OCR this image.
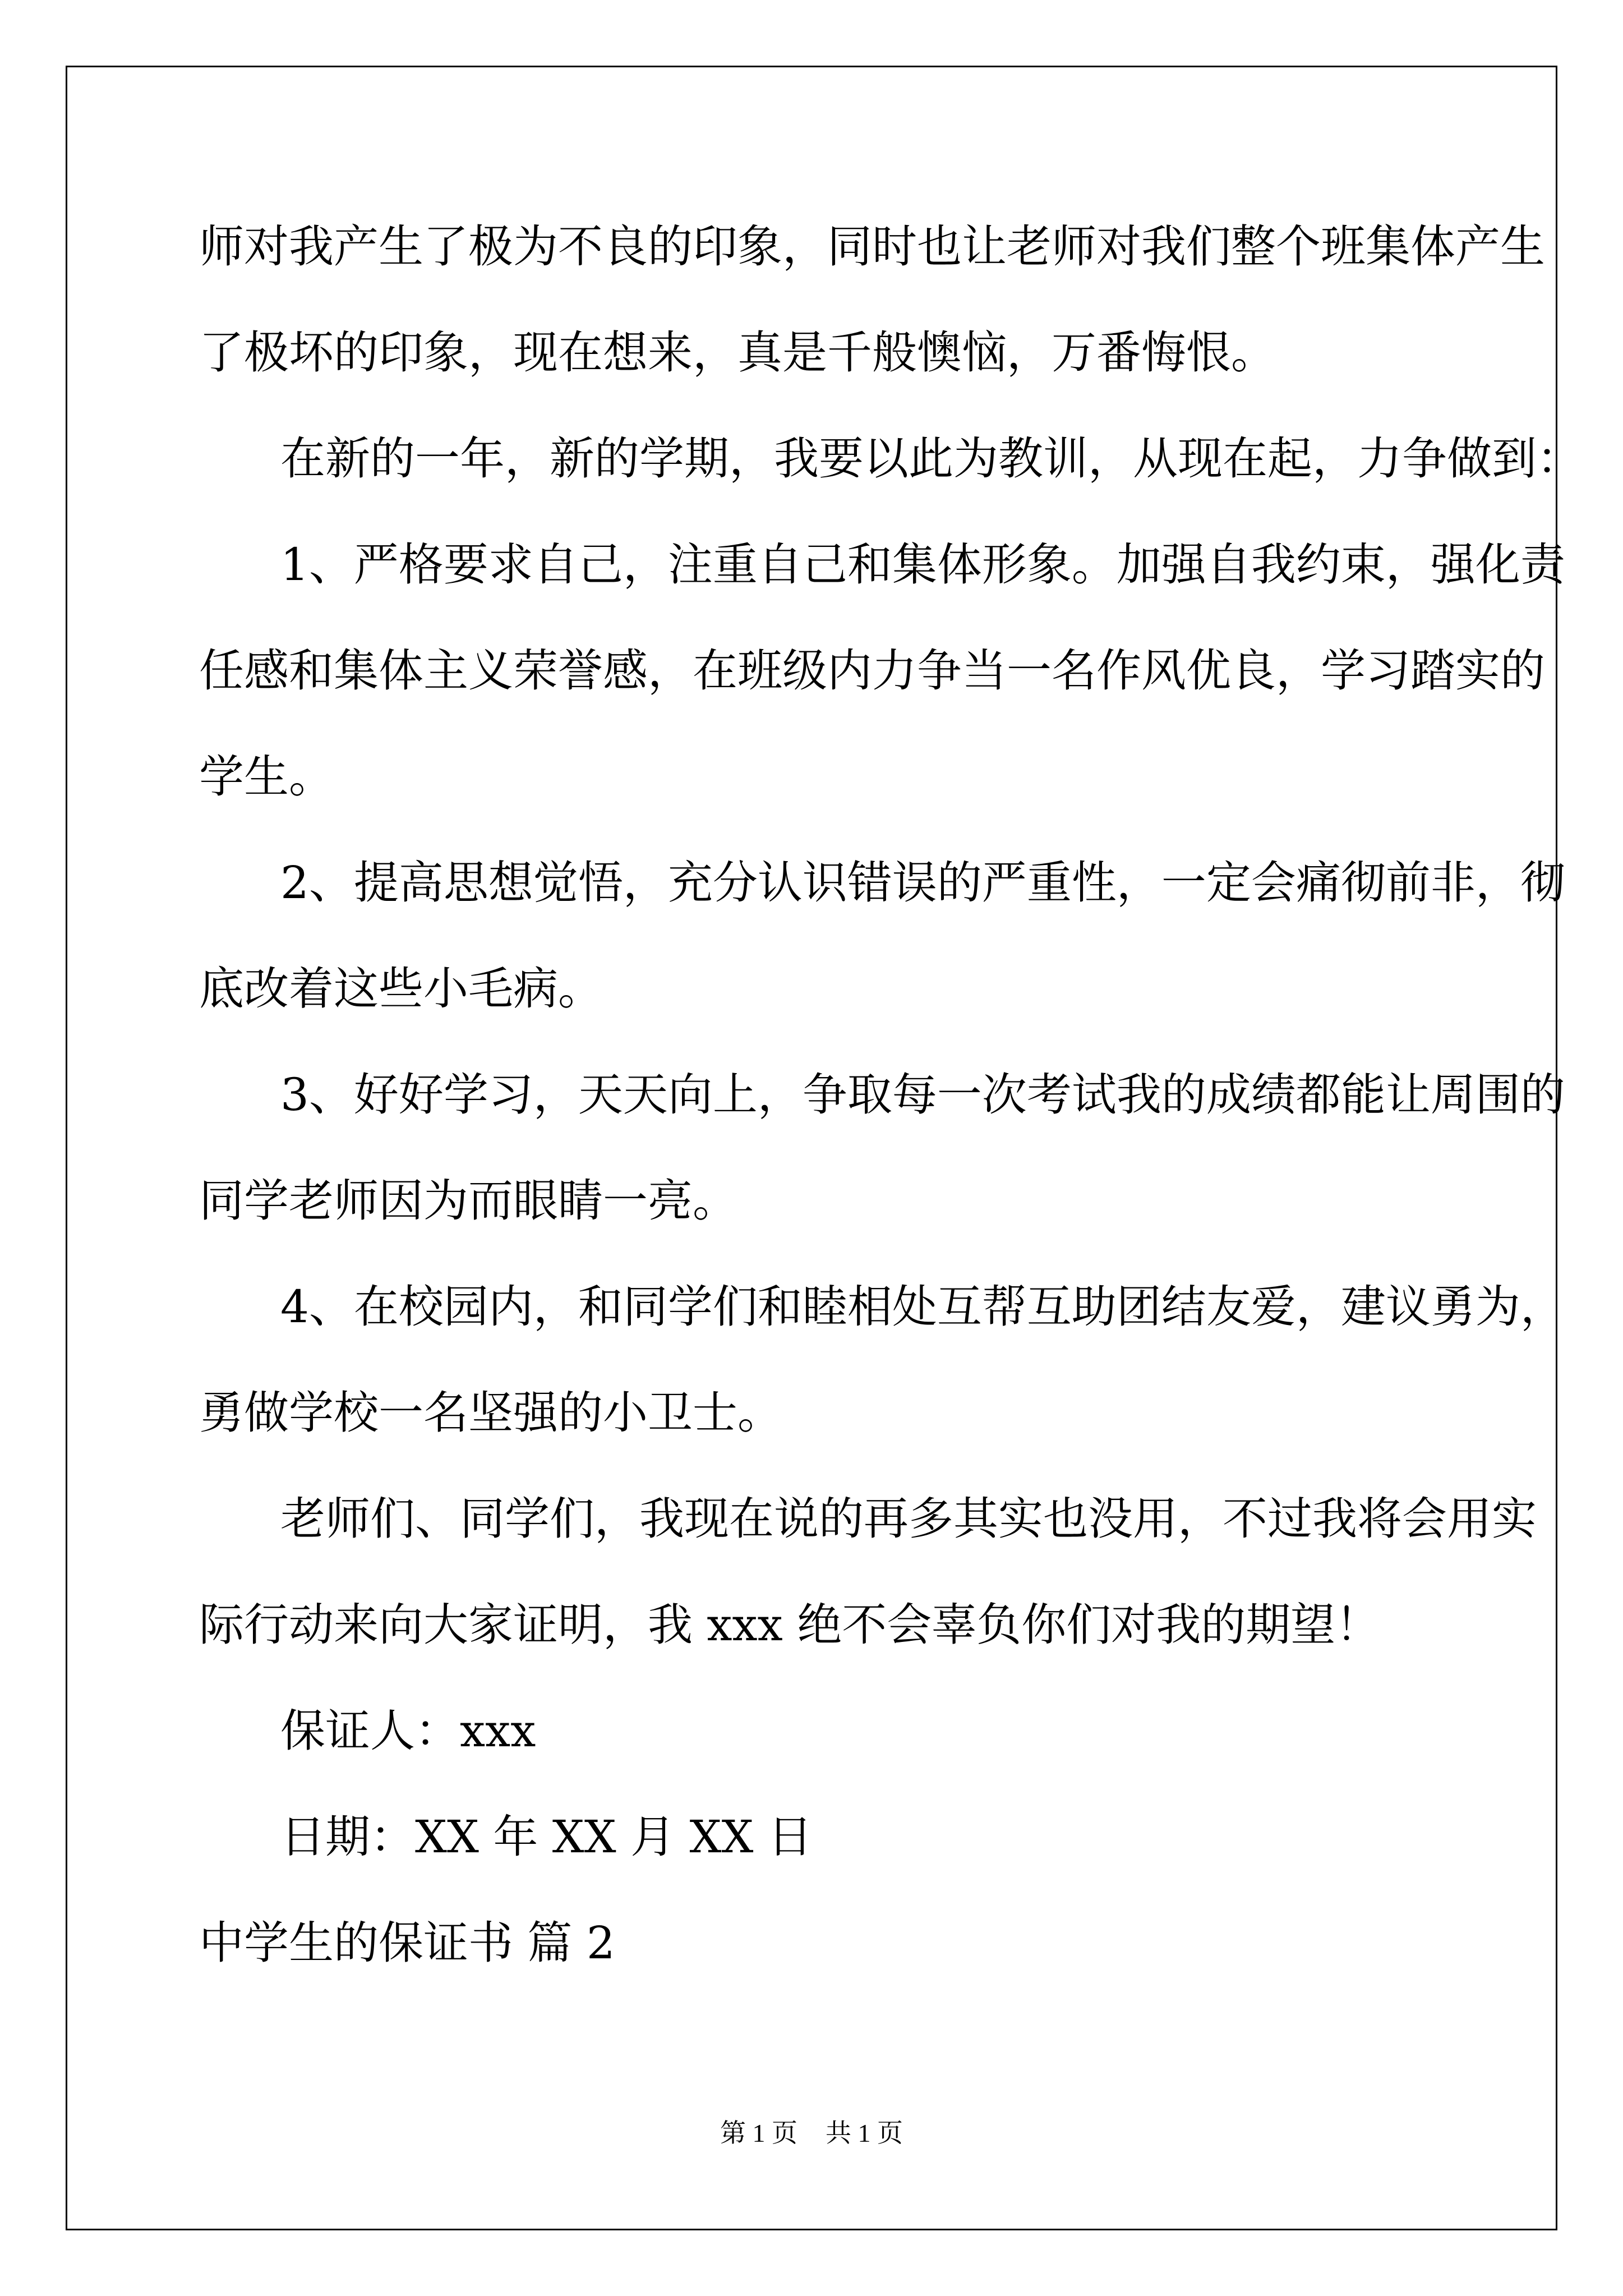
师对我产生了极为不良的印象，同时也让老师对我们整个班集体产生
了极坏的印象，现在想来，真是千般懊恼，万番悔恨。
在新的一年，新的学期，我要以此为教训，从现在起，力争做到：
1、严格要求自己，注重自己和集体形象。加强自我约束，强化责
任感和集体主义荣誉感，在班级内力争当一名作风优良，学习踏实的
学生。
2、提高思想觉悟，充分认识错误的严重性，一定会痛彻前非，彻
底改着这些小毛病。
3、好好学习，天天向上，争取每一次考试我的成绩都能让周围的
同学老师因为而眼睛一亮。
4、在校园内，和同学们和睦相处互帮互助团结友爱，建议勇为，
勇做学校一名坚强的小卫士。
老师们、同学们，我现在说的再多其实也没用，不过我将会用实
际行动来向大家证明，我 xxx 绝不会辜负你们对我的期望！
保证人：xxx
日期：XX 年 XX 月 XX 日
中学生的保证书 篇 2
第 1 页 共 1 页
